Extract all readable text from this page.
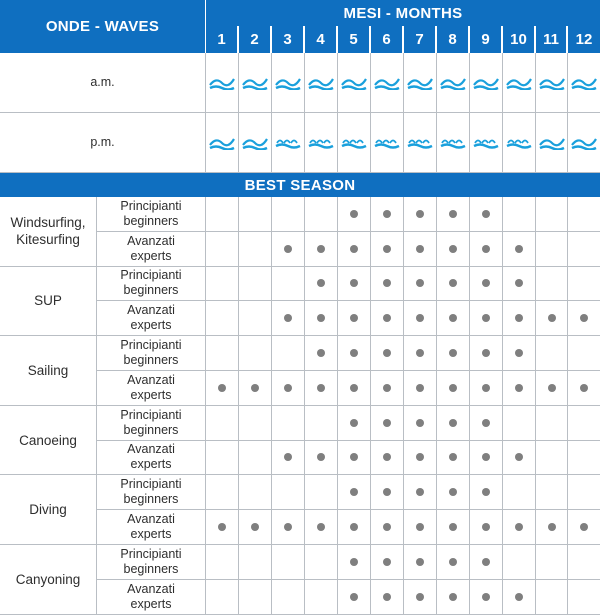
ONDE - WAVES
MESI - MONTHS
BEST SEASON
1 2 3 4 5 6 7 8 9 10 11 12
a.m.
p.m.
Windsurfing,
Kitesurfing
Principianti
beginners
Avanzati
experts
SUP
Principianti
beginners
Avanzati
experts
Sailing
Principianti
beginners
Avanzati
experts
Canoeing
Principianti
beginners
Avanzati
experts
Diving
Principianti
beginners
Avanzati
experts
Canyoning
Principianti
beginners
Avanzati
experts
